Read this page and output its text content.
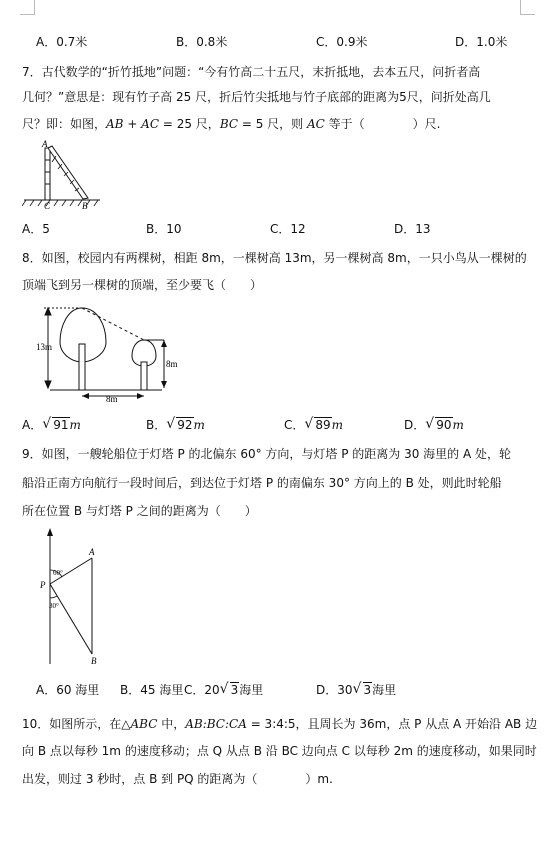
A．0.7米	B．0.8米	C．0.9米	D．1.0米
7．古代数学的“折竹抵地”问题：“今有竹高二十五尺，末折抵地，去本五尺，问折者高
几何？”意思是：现有竹子高 25 尺，折后竹尖抵地与竹子底部的距离为5尺，问折处高几
尺？即：如图，AB + AC = 25 尺，BC = 5 尺，则 AC 等于（　　　　）尺.
A
C	B
A．5	B．10	C．12	D．13
8．如图，校园内有两棵树，相距 8m，一棵树高 13m，另一棵树高 8m，一只小鸟从一棵树的
顶端飞到另一棵树的顶端，至少要飞（　　）
13m
8m
8m
A． √ 91m	B． √ 92m	C． √ 89m	D． √ 90m
9．如图，一艘轮船位于灯塔 P 的北偏东 60° 方向，与灯塔 P 的距离为 30 海里的 A 处，轮
船沿正南方向航行一段时间后，到达位于灯塔 P 的南偏东 30° 方向上的 B 处，则此时轮船
所在位置 B 与灯塔 P 之间的距离为（　　）
60°
30°
A
P
B
A．60 海里 B．45 海里 C．20 √ 3海里	D．30 √ 3海里
10．如图所示，在△ABC 中，AB:BC:CA = 3:4:5，且周长为 36m，点 P 从点 A 开始沿 AB 边
向 B 点以每秒 1m 的速度移动；点 Q 从点 B 沿 BC 边向点 C 以每秒 2m 的速度移动，如果同时
出发，则过 3 秒时，点 B 到 PQ 的距离为（　　　　）m.
